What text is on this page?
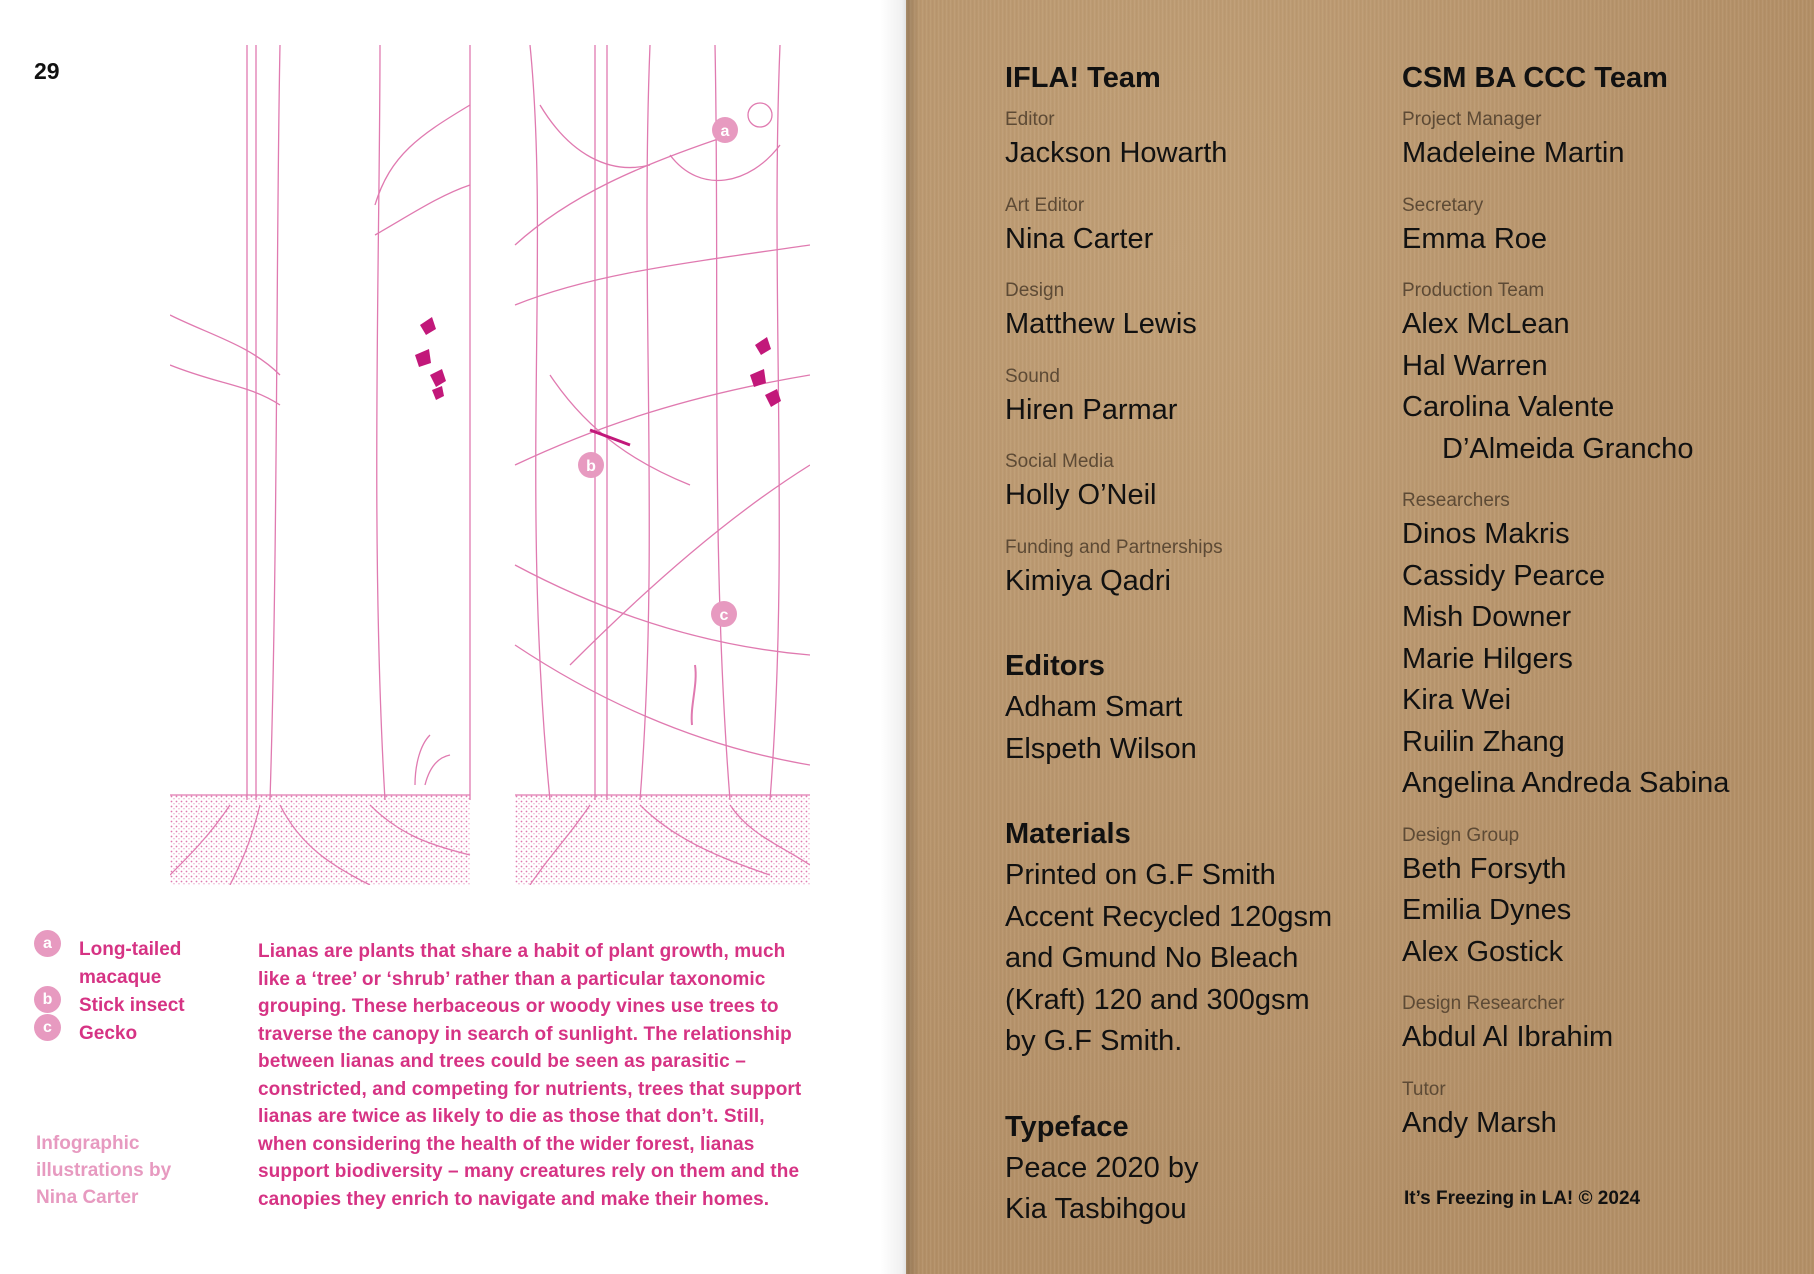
29
a
b
c
a	Long-tailed macaque
b	Stick insect
c	Gecko
Infographic illustrations by Nina Carter
Lianas are plants that share a habit of plant growth, much like a ‘tree’ or ‘shrub’ rather than a particular taxonomic grouping. These herbaceous or woody vines use trees to traverse the canopy in search of sunlight. The relationship between lianas and trees could be seen as parasitic – constricted, and competing for nutrients, trees that support lianas are twice as likely to die as those that don’t. Still, when considering the health of the wider forest, lianas support biodiversity – many creatures rely on them and the canopies they enrich to navigate and make their homes.
IFLA! Team
Editor
Jackson Howarth
Art Editor
Nina Carter
Design
Matthew Lewis
Sound
Hiren Parmar
Social Media
Holly O’Neil
Funding and Partnerships
Kimiya Qadri
Editors
Adham Smart
Elspeth Wilson
Materials
Printed on G.F Smith
Accent Recycled 120gsm
and Gmund No Bleach
(Kraft) 120 and 300gsm
by G.F Smith.
Typeface
Peace 2020 by
Kia Tasbihgou
CSM BA CCC Team
Project Manager
Madeleine Martin
Secretary
Emma Roe
Production Team
Alex McLean
Hal Warren
Carolina Valente
D’Almeida Grancho
Researchers
Dinos Makris
Cassidy Pearce
Mish Downer
Marie Hilgers
Kira Wei
Ruilin Zhang
Angelina Andreda Sabina
Design Group
Beth Forsyth
Emilia Dynes
Alex Gostick
Design Researcher
Abdul Al Ibrahim
Tutor
Andy Marsh
It’s Freezing in LA! © 2024
